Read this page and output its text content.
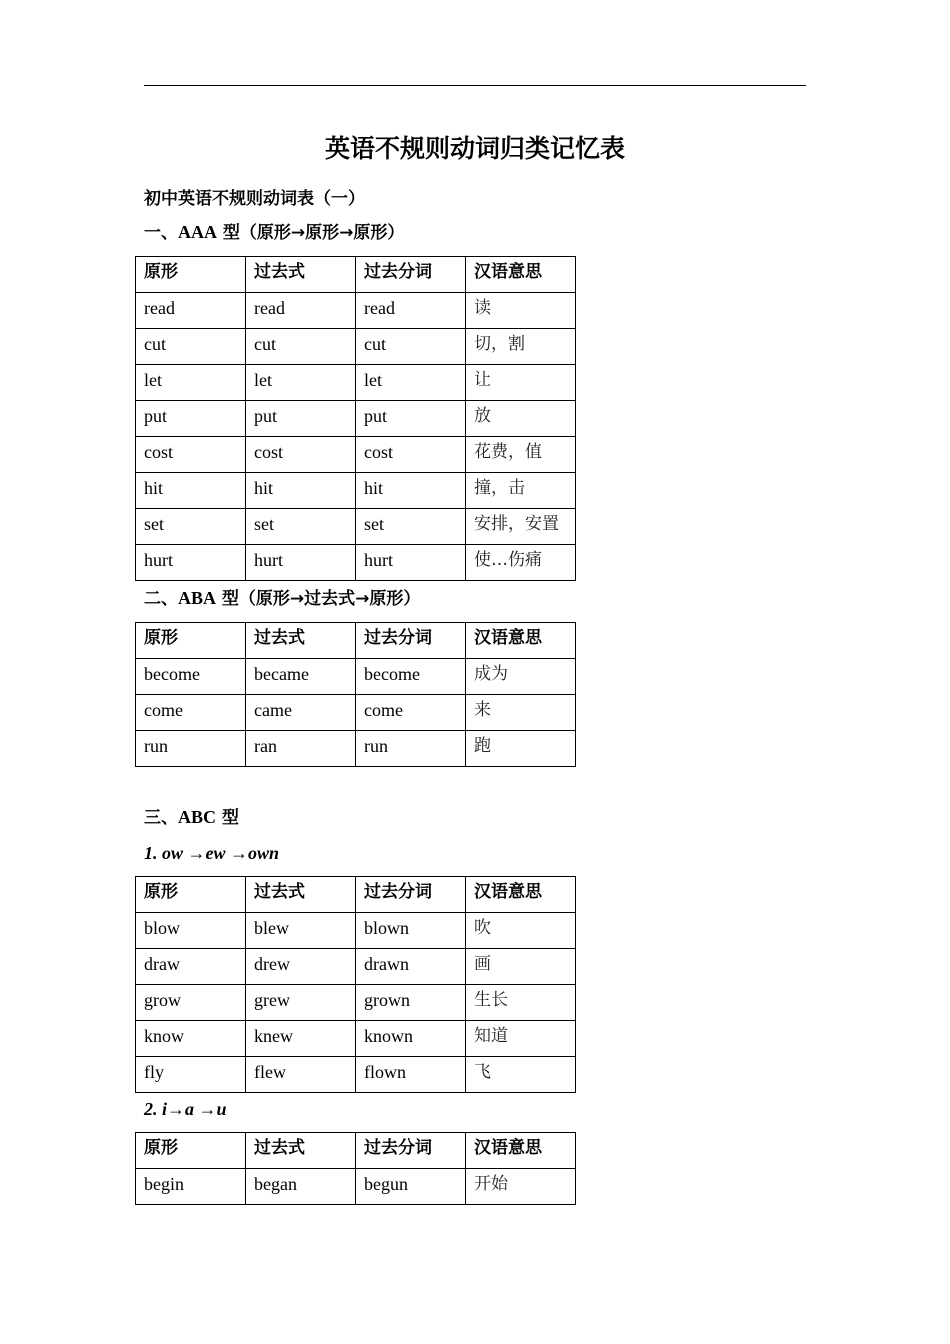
英语不规则动词归类记忆表
初中英语不规则动词表（一）
一、AAA 型（原形→原形→原形）
原形	过去式	过去分词	汉语意思
read	read	read	读
cut	cut	cut	切，割
let	let	let	让
put	put	put	放
cost	cost	cost	花费，值
hit	hit	hit	撞，击
set	set	set	安排，安置
hurt	hurt	hurt	使…伤痛
二、ABA 型（原形→过去式→原形）
原形	过去式	过去分词	汉语意思
become	became	become	成为
come	came	come	来
run	ran	run	跑
三、ABC 型
1. ow →ew →own
原形	过去式	过去分词	汉语意思
blow	blew	blown	吹
draw	drew	drawn	画
grow	grew	grown	生长
know	knew	known	知道
fly	flew	flown	飞
2. i→a →u
原形	过去式	过去分词	汉语意思
begin	began	begun	开始
